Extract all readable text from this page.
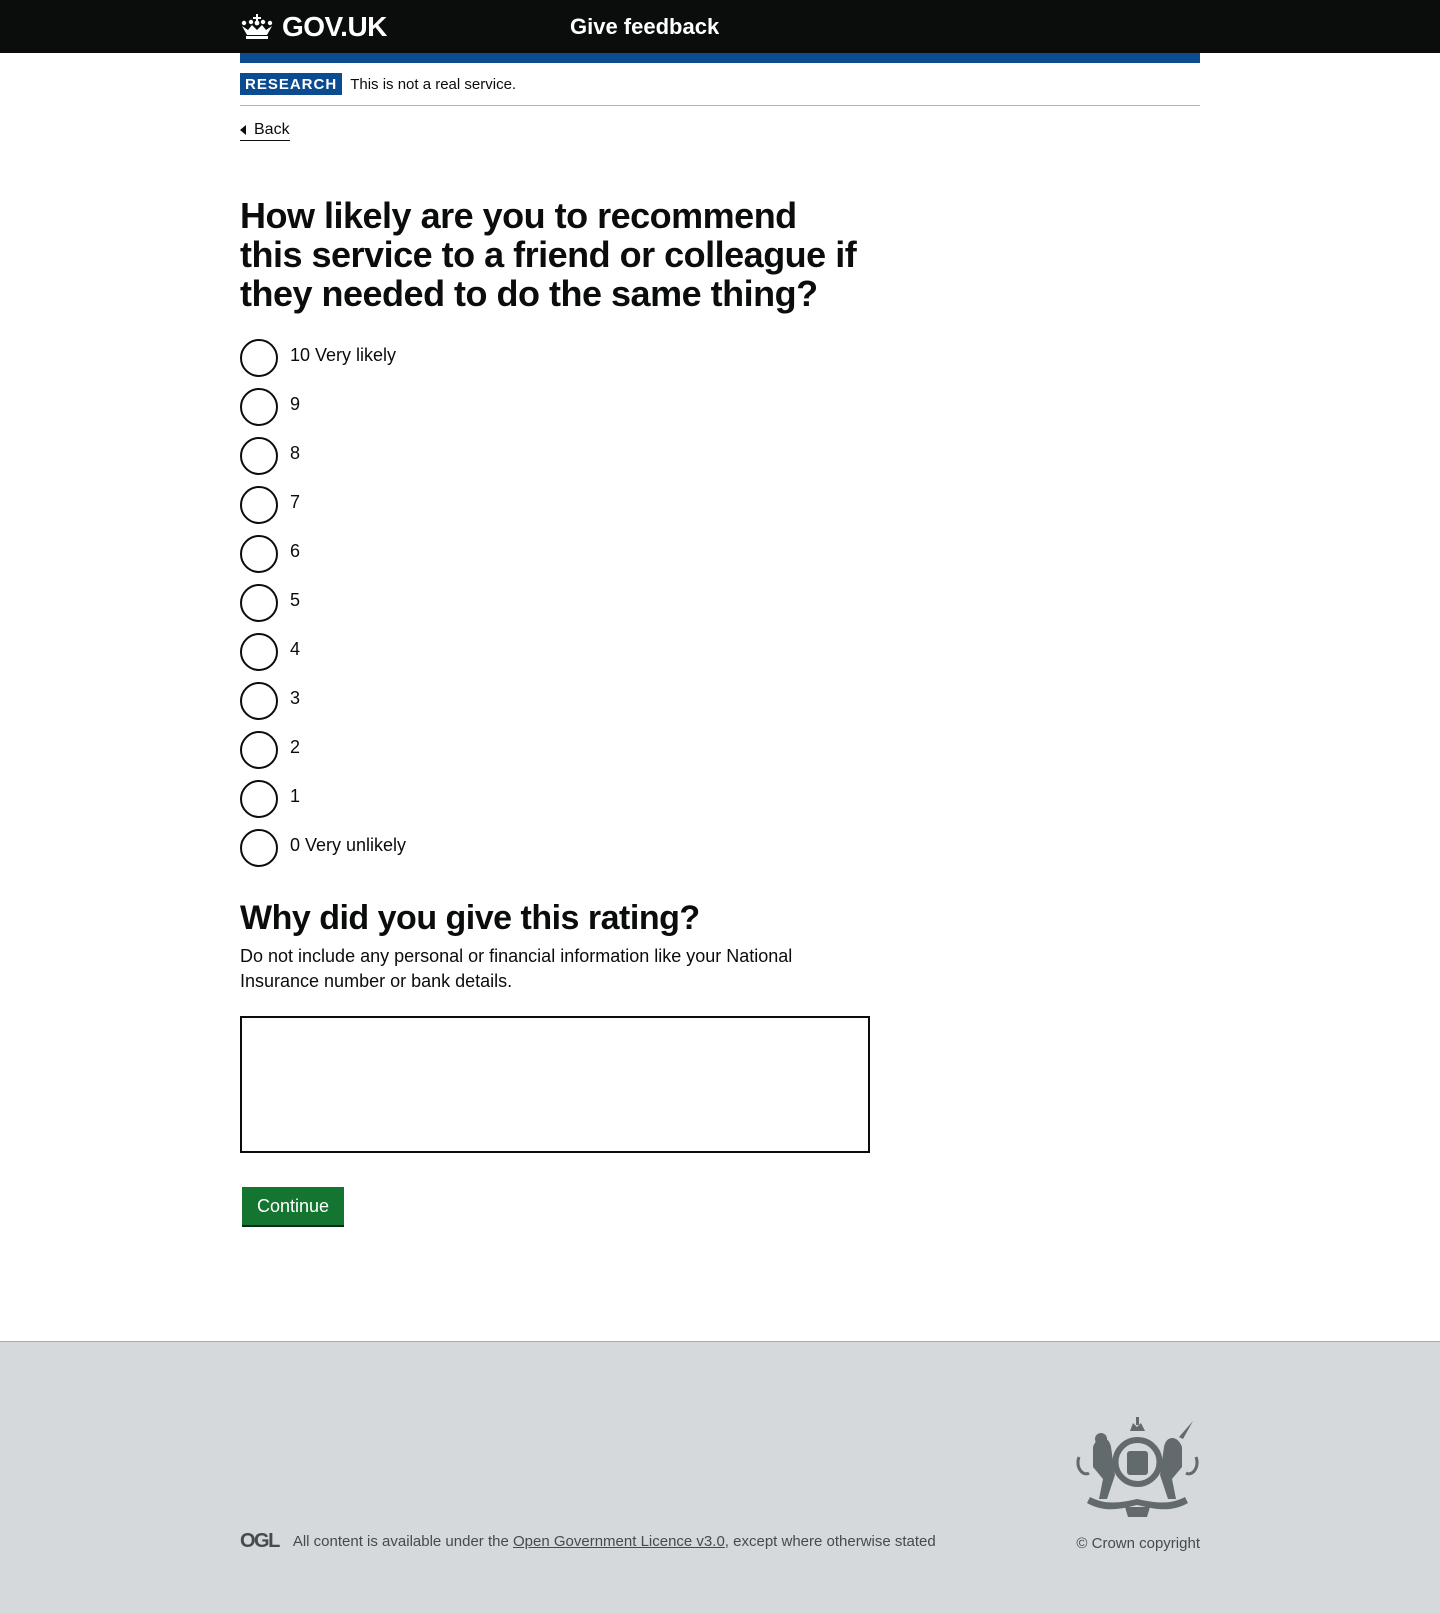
GOV.UK	Give feedback
RESEARCH This is not a real service.
Back
How likely are you to recommend this service to a friend or colleague if they needed to do the same thing?
10 Very likely
9
8
7
6
5
4
3
2
1
0 Very unlikely
Why did you give this rating?

Do not include any personal or financial information like your National Insurance number or bank details.

Continue
OGL All content is available under the
Open Government Licence v3.0 , except where otherwise stated	© Crown copyright
